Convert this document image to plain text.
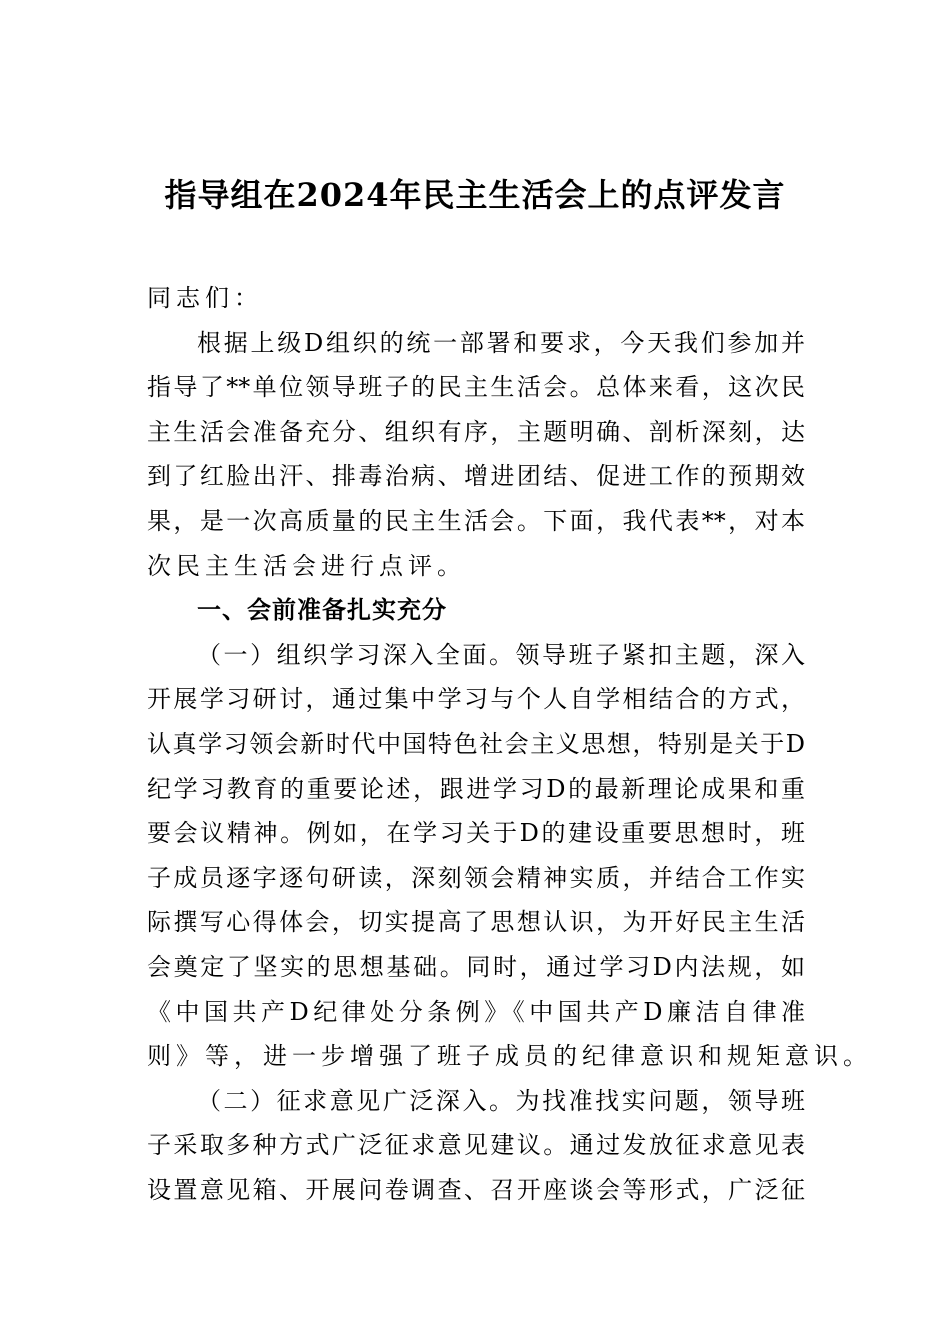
指导组在2024年民主生活会上的点评发言
同志们：
根据上级D组织的统一部署和要求，今天我们参加并
指导了**单位领导班子的民主生活会。总体来看，这次民
主生活会准备充分、组织有序，主题明确、剖析深刻，达
到了红脸出汗、排毒治病、增进团结、促进工作的预期效
果，是一次高质量的民主生活会。下面，我代表**，对本
次民主生活会进行点评。
一、会前准备扎实充分
（一）组织学习深入全面。领导班子紧扣主题，深入
开展学习研讨，通过集中学习与个人自学相结合的方式，
认真学习领会新时代中国特色社会主义思想，特别是关于D
纪学习教育的重要论述，跟进学习D的最新理论成果和重
要会议精神。例如，在学习关于D的建设重要思想时，班
子成员逐字逐句研读，深刻领会精神实质，并结合工作实
际撰写心得体会，切实提高了思想认识，为开好民主生活
会奠定了坚实的思想基础。同时，通过学习D内法规，如
《中国共产D纪律处分条例》《中国共产D廉洁自律准
则》等，进一步增强了班子成员的纪律意识和规矩意识。
（二）征求意见广泛深入。为找准找实问题，领导班
子采取多种方式广泛征求意见建议。通过发放征求意见表
设置意见箱、开展问卷调查、召开座谈会等形式，广泛征
